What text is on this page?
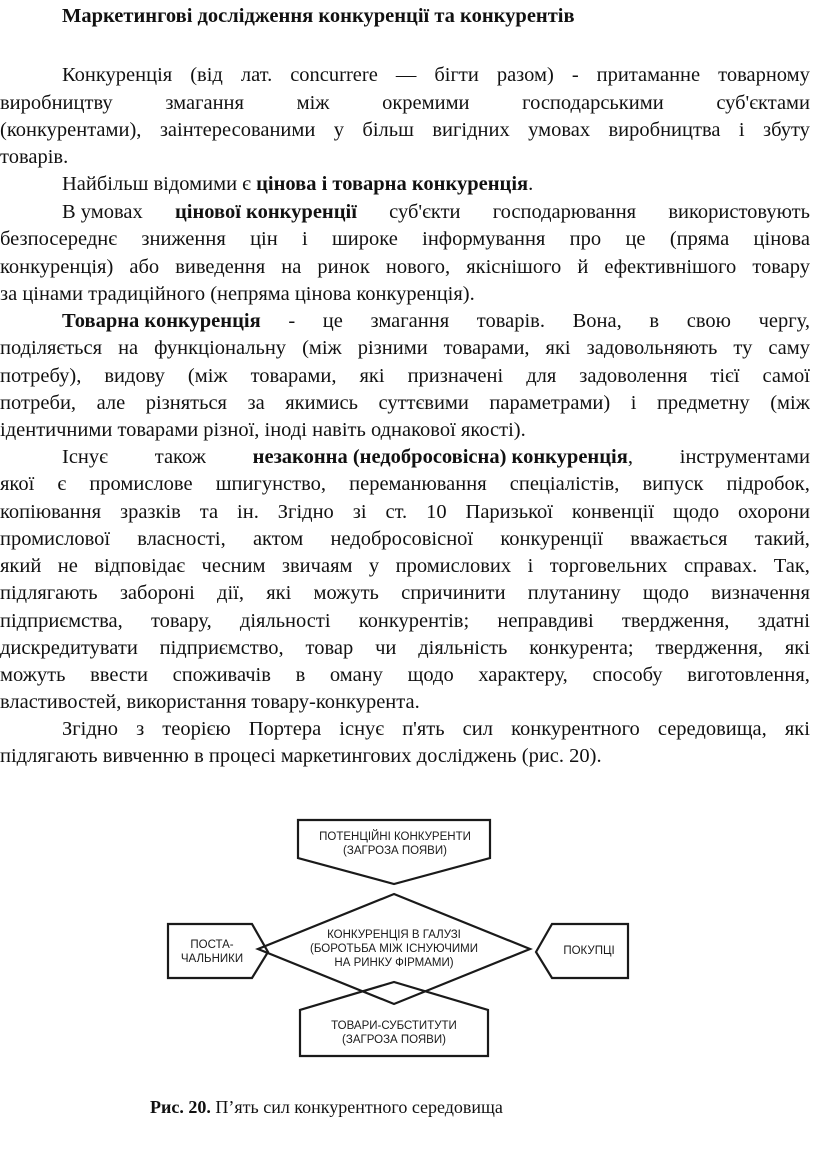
Маркетингові дослідження конкуренції та конкурентів
Конкуренція (від лат. concurrere — бігти разом) - притаманне товарному
виробництву	змагання	між	окремими	господарськими	суб'єктами
(конкурентами), заінтересованими у більш вигідних умовах виробництва і збуту
товарів.
Найбільш відомими є цінова і товарна конкуренція.
В умовах цінової конкуренції суб'єкти господарювання використовують
безпосереднє зниження цін і широке інформування про це (пряма цінова
конкуренція) або виведення на ринок нового, якіснішого й ефективнішого товару
за цінами традиційного (непряма цінова конкуренція).
Товарна конкуренція - це змагання товарів. Вона, в свою чергу,
поділяється на функціональну (між різними товарами, які задовольняють ту саму
потребу), видову (між товарами, які призначені для задоволення тієї самої
потреби, але різняться за якимись суттєвими параметрами) і предметну (між
ідентичними товарами різної, іноді навіть однакової якості).
Існує також незаконна (недобросовісна) конкуренція, інструментами
якої є промислове шпигунство, переманювання спеціалістів, випуск підробок,
копіювання зразків та ін. Згідно зі ст. 10 Паризької конвенції щодо охорони
промислової власності, актом недобросовісної конкуренції вважається такий,
який не відповідає чесним звичаям у промислових і торговельних справах. Так,
підлягають забороні дії, які можуть спричинити плутанину щодо визначення
підприємства, товару, діяльності конкурентів; неправдиві твердження, здатні
дискредитувати підприємство, товар чи діяльність конкурента; твердження, які
можуть ввести споживачів в оману щодо характеру, способу виготовлення,
властивостей, використання товару-конкурента.
Згідно з теорією Портера існує п'ять сил конкурентного середовища, які
підлягають вивченню в процесі маркетингових досліджень (рис. 20).
ПОТЕНЦІЙНІ КОНКУРЕНТИ
(ЗАГРОЗА ПОЯВИ)
КОНКУРЕНЦІЯ В ГАЛУЗІ
(БОРОТЬБА МІЖ ІСНУЮЧИМИ
НА РИНКУ ФІРМАМИ)
ПОСТА-
ЧАЛЬНИКИ
ПОКУПЦІ
ТОВАРИ-СУБСТИТУТИ
(ЗАГРОЗА ПОЯВИ)
Рис. 20. П’ять сил конкурентного середовища
